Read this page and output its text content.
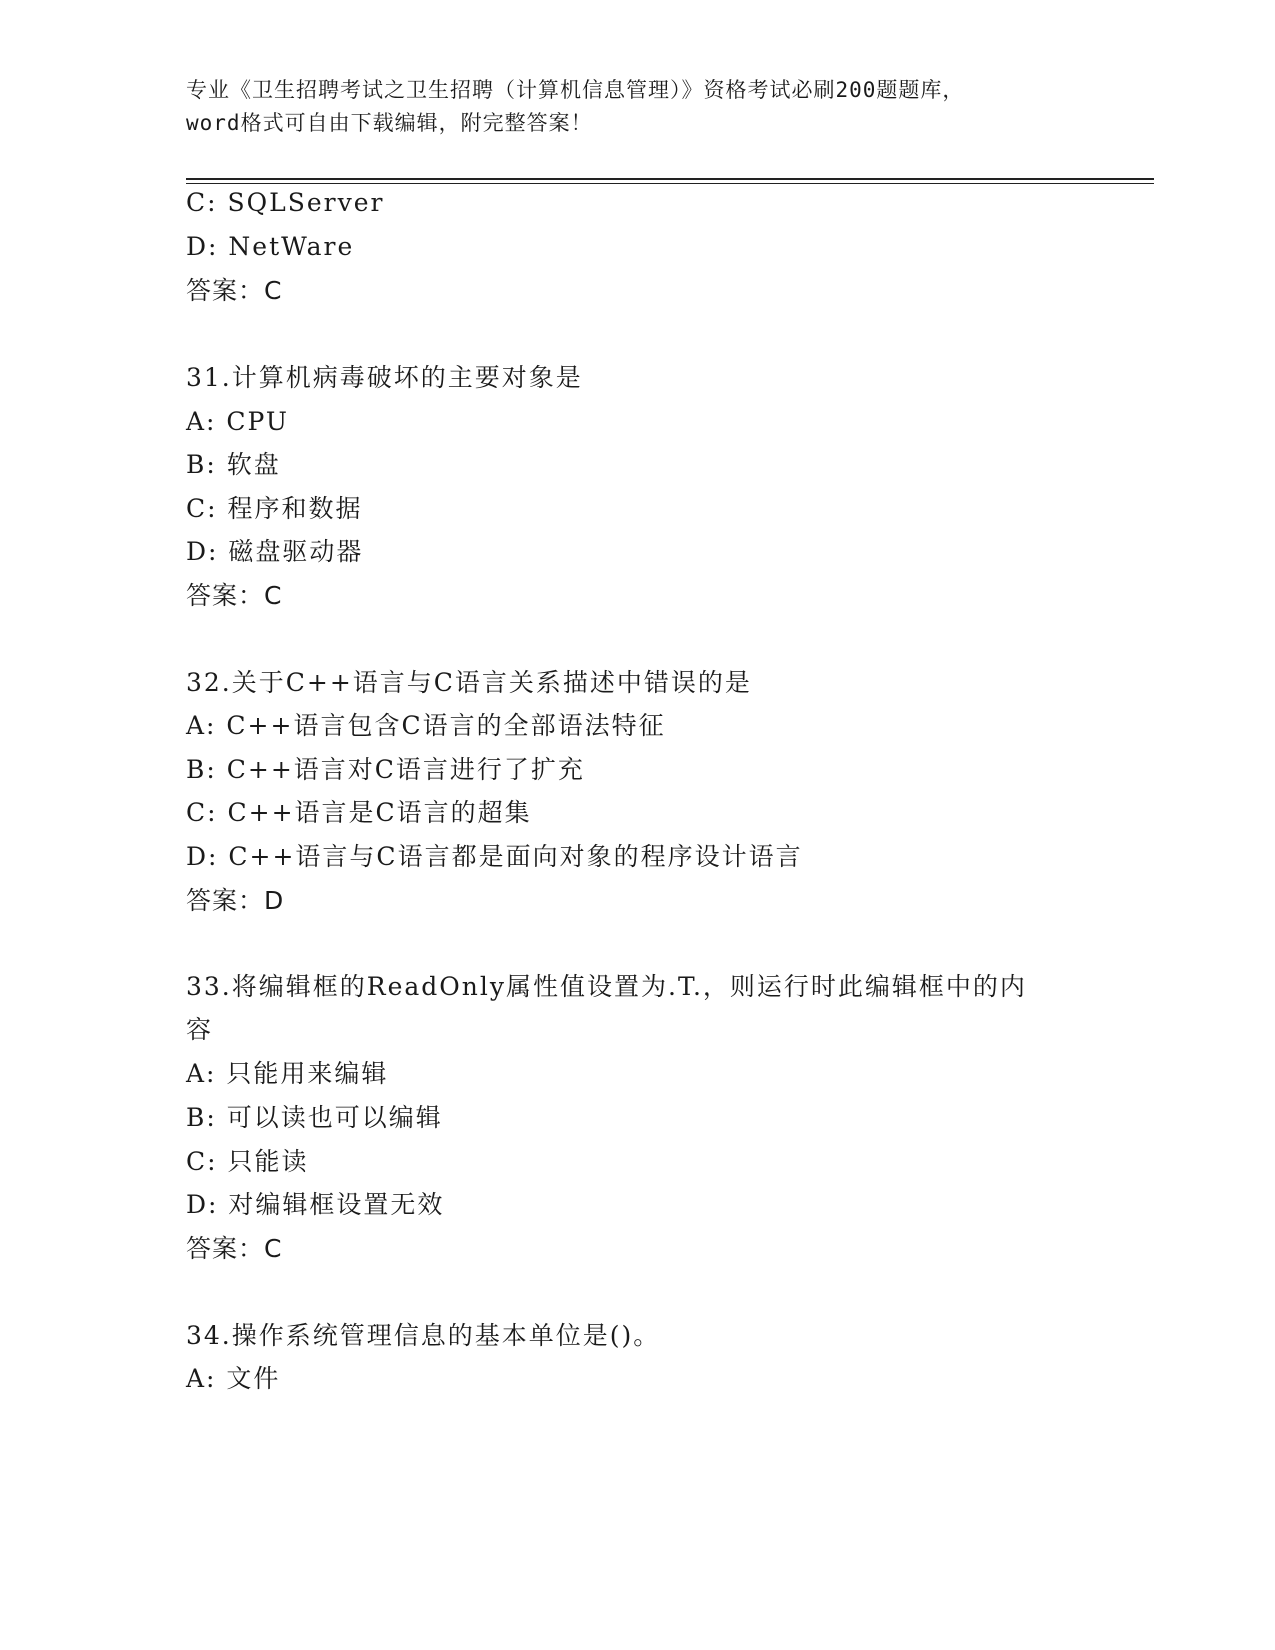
专业《卫生招聘考试之卫生招聘（计算机信息管理）》资格考试必刷200题题库，
word格式可自由下载编辑，附完整答案！
C: SQLServer
D: NetWare
答案：C
31.计算机病毒破坏的主要对象是
A: CPU
B: 软盘
C: 程序和数据
D: 磁盘驱动器
答案：C
32.关于C++语言与C语言关系描述中错误的是
A: C++语言包含C语言的全部语法特征
B: C++语言对C语言进行了扩充
C: C++语言是C语言的超集
D: C++语言与C语言都是面向对象的程序设计语言
答案：D
33.将编辑框的ReadOnly属性值设置为.T.，则运行时此编辑框中的内
容
A: 只能用来编辑
B: 可以读也可以编辑
C: 只能读
D: 对编辑框设置无效
答案：C
34.操作系统管理信息的基本单位是()。
A: 文件
